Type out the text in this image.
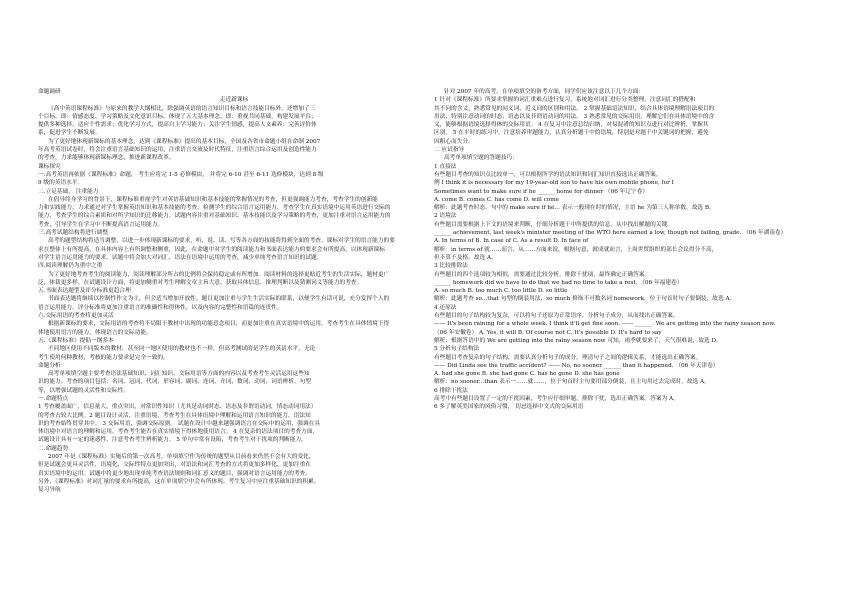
命题调研
走近新课标
《高中英语课程标准》与原来的教学大纲相比，除强调英语的语言知识目标和语言技能目标外，还增加了三
个目标，即：情感态度、学习策略及文化意识目标。体现了五大基本理念，即：重视共同基础，构建发展平台；
提供多种选择，适应个性需求；优化学习方式，提高自主学习能力；关注学生情感，提高人文素养；完善评价体
系，促进学生不断发展。
为了更好地体现新课标的基本理念，达到《课程标准》提出的基本目标，全国及各省市命题小组在命制 2007
年高考英语试卷时，将会注重语言基础知识的运用，注重语言交流及时代特征，注重语言综合运用及创造性能力
的考查，力求能够体现新课标理念，推进新课程改革。
课标探究
一.高考英语再依据《课程标准》命题， 考生应将完 1-5 必修模块， 并将完 6-10 甚至 6-11 选修模块，达到 8 级
9 级的英语水平。
二.立足基础， 注重能力
在倡导终身学习的背景下，课程标准重视学生对英语基础知识和基本技能的掌握情况的考查，但更强调能力考查，考查学生的创新能
力和实践能力，力求通过对学生掌握英语知识和基本技能的考查，检测学生的综合语言运用能力，考查学生在真实语境中运用英语进行交际的
能力，考查学生的综合素质和对所学知识的迁移能力。试题内容注重对基础知识、基本技能以及学习策略的考查，更加注重对语言运用能力的
考查，引导学生在学习中不断提高语言运用能力。
三.高考试题结构将进行调整
高考的题型结构将适当调整，以进一步体现新课标的要求，听、说、读、写等各方面的技能将得到全面的考查。课标对学生的语言能力的要
求在整体上有所提高，在具体内容上有所调整和侧重，因此，在命题中对学生的阅读能力和书面表达能力的要求会有所提高，以体现新课标
对学生语言运用能力的要求。试题中将会加大对词汇、语法在语境中运用的考查，减少单纯考查语言知识的试题。
四.阅读理解仍为重中之重
为了更好地考查考生的阅读能力，阅读理解部分所占的比例将会保持稳定或有所增加。阅读材料的选择更贴近考生的生活实际，题材更广
泛，体裁更多样。在试题设计方面，将更加侧重对考生理解文章主旨大意、获取具体信息、推理判断以及猜测词义等能力的考查。
五.书面表达题型及评分标准更趋合理
书面表达题将继续以控制性作文为主，但会适当增加开放性。题目更加注重与学生生活实际的联系，以便学生有话可说，充分发挥个人的
语言运用能力。评分标准将更加注重语言的准确性和得体性，以及内容的完整性和语篇的连贯性。
六.交际用语的考查将更加灵活
根据新课标的要求，交际用语的考查将不局限于教材中出现的功能意念项目，而更加注重在真实语境中的运用，考查考生在具体情境下得
体地使用语言的能力，体现语言的交际功能。
五.《课程标准》提倡一纲多本
不同地区使用不同版本的教材，甚至同一地区使用的教材也不一样，但高考测试的是学生的英语水平，无论
考生使用何种教材，考核的能力要求是完全一致的。
命题分析
高考单项填空题主要考查语法基础知识、词汇知识、交际用语等方面的内容以及考查考生灵活运用这些知
识的能力。考查的项目包括：名词、冠词、代词、形容词、副词、连词、介词、数词、动词、词语辨析、句型
等，以增强试题的灵活性和交际性。
一.命题特点
1 考查覆盖面广，信息量大，重点突出，对常识性知识（尤其是动词时态、语态及非谓语动词，情态动词用法）
的考查占较大比例。2 题目设计灵活，注重语境，考查考生在具体语境中理解和运用语言知识的能力，语法知
识的考查始终贯穿其中。 3 交际用语，强调交际原则。 试题在设计中越来越强调语言在交际中的运用，强调在具
体语境中对语言的理解和运用。考查考生能否在真实情境下得体地使用语言。 4 在复杂的语法项目的考查方面，
试题设计具有一定的迷惑性，注意考查考生辨析能力。 5 单句中常有设陷，考查考生对干扰项的判断能力。
二.命题趋势
2007 年是《课程标准》实施后的第一次高考，单项填空作为传统的题型从目前看来仍然不会有大的变化，
但是试题会更具灵活性，语境化、交际性特点更加突出，对语法和词汇考查的方式将更加多样化，更加注重在
真实语境中的运用。试题中将更少地出现单纯考查语法规则和词汇意义的题目，强调对语言运用能力的考查。
另外，《课程标准》对词汇量的要求有所提高，这在单项填空中会有所体现。考生复习中应注重基础知识的积累。
复习导航
针对 2007 年的高考，在单项填空的备考方面，同学们应该注意以下几个方面：
1 针对《课程标准》所要求掌握的词汇重难点进行复习，系统地对词汇进行分类整理，注意词汇的搭配和
其不同的含义，熟悉常见的同义词、近义词的区别和用法。 2 掌握基础语法知识，结合具体语境理解语法项目的
用法，特别注意动词的时态、语态以及非谓语动词的用法。 3 熟悉常见的交际用语，理解它们在具体语境中的含
义，能够根据语境选择得体的交际用语。 4 在复习中注意总结归纳，对易混淆的知识点进行对比辨析，掌握其
区别。 5 在平时的练习中，注意培养审题能力，认真分析题干中的语境，特别是对题干中关键词的把握，避免
因粗心而失分。
二 应试指导
高考单项填空题的答题技巧：
1 直接法
有些题目考查的知识点比较单一，可以根据所学的语法知识和词汇知识直接选出正确答案。
例 I think it is necessary for my 19-year-old son to have his own mobile phone, for I
Sometimes want to make sure if he ______ home for dinner （06 年辽宁卷）
A. come B. comes C. has come D. will come
解析：此题考查时态。句中的 make sure if he... 表示一般现在时的情况，主语 he 为第三人称单数，故选 B。
2 语境法
有些题目需要根据上下文的语境来判断，仔细分析题干中所提供的信息，从中找出解题的关键。
______ achievement, last week's minister meeting of the WTO here earned a low, though not failing, grade. （06 年湖南卷）
A. In terms of B. In case of C. As a result D. In face of
解析：in terms of 就……而言，从……方面来说。根据句意，就成就而言，上周世贸组织的部长会议得分不高，
但不算不及格。故选 A。
3 比较排除法
有些题目的四个选项较为相似，需要通过比较分析，排除干扰项，最终确定正确答案。
______ homework did we have to do that we had no time to take a rest. （06 年福建卷）
A. so much B. too much C. too little D. so little
解析：此题考查 so...that 句型的倒装用法，so much 修饰不可数名词 homework，位于句首时句子要倒装，故选 A。
4 还原法
有些题目的句子结构较为复杂，可以将句子还原为正常语序，分析句子成分，从而找出正确答案。
—— It's been raining for a whole week. I think it'll get fine soon. —— ______. We are getting into the rainy season now.
（06 年安徽卷） A. Yes, it will B. Of course not C. It's possible D. It's hard to say
解析：根据答语中的 We are getting into the rainy season now 可知，雨季就要来了，天气很难说，故选 D。
5 分析句子结构法
有些题目考查复杂的句子结构，需要认真分析句子的成分，理清句子之间的逻辑关系，才能选出正确答案。
—— Did Linda see the traffic accident? —— No, no sooner ______ than it happened. （06 年天津卷）
A. had she gone B. she had gone C. has he gone D. she has gone
解析：no sooner...than 表示一……就……，位于句首时主句要用部分倒装，且主句用过去完成时，故选 A。
6 排除干扰法
高考中有些题目设置了一定的干扰因素，考生应仔细审题，排除干扰，选出正确答案。答案为 A。
6 多了解英美国家的风俗习惯， 切忌选择中文式的交际用语
